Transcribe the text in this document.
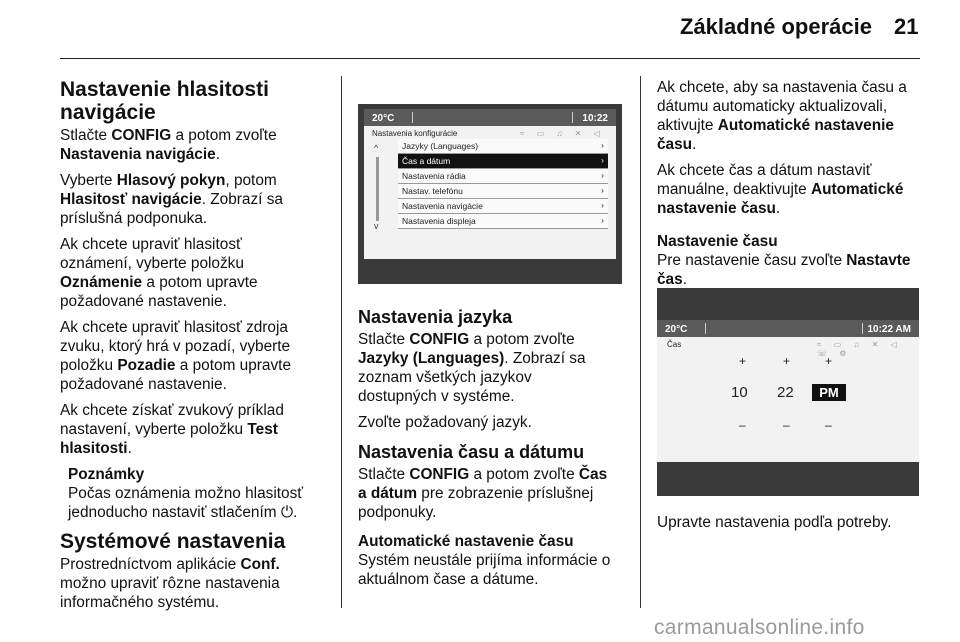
Základné operácie 21
Nastavenie hlasitosti navigácie

Stlačte CONFIG a potom zvoľte
Nastavenia navigácie.

Vyberte Hlasový pokyn, potom
Hlasitosť navigácie. Zobrazí sa
príslušná podponuka.

Ak chcete upraviť hlasitosť
oznámení, vyberte položku
Oznámenie a potom upravte
požadované nastavenie.

Ak chcete upraviť hlasitosť zdroja
zvuku, ktorý hrá v pozadí, vyberte
položku Pozadie a potom upravte
požadované nastavenie.

Ak chcete získať zvukový príklad
nastavení, vyberte položku Test
hlasitosti.

Poznámky
Počas oznámenia možno hlasitosť
jednoducho nastaviť stlačením ⏻.

Systémové nastavenia

Prostredníctvom aplikácie Conf.
možno upraviť rôzne nastavenia
informačného systému.

20°C	10:22
Nastavenia konfigurácie	≈ ▭ ♫ ✕ ◁
^
v
Jazyky (Languages)	›
Čas a dátum	›
Nastavenia rádia	›
Nastav. telefónu	›
Nastavenia navigácie	›
Nastavenia displeja	›
Nastavenia jazyka

Stlačte CONFIG a potom zvoľte
Jazyky (Languages). Zobrazí sa
zoznam všetkých jazykov
dostupných v systéme.

Zvoľte požadovaný jazyk.

Nastavenia času a dátumu

Stlačte CONFIG a potom zvoľte Čas
a dátum pre zobrazenie príslušnej
podponuky.

Automatické nastavenie času

Systém neustále prijíma informácie o
aktuálnom čase a dátume.

Ak chcete, aby sa nastavenia času a
dátumu automaticky aktualizovali,
aktivujte Automatické nastavenie
času.

Ak chcete čas a dátum nastaviť
manuálne, deaktivujte Automatické
nastavenie času.

Nastavenie času

Pre nastavenie času zvoľte Nastavte
čas.

20°C	10:22 AM
Čas	≈ ▭ ♫ ✕ ◁ ☏ ⚙
+	+	+
10 22	PM
–	–	–

Upravte nastavenia podľa potreby.

carmanualsonline.info
